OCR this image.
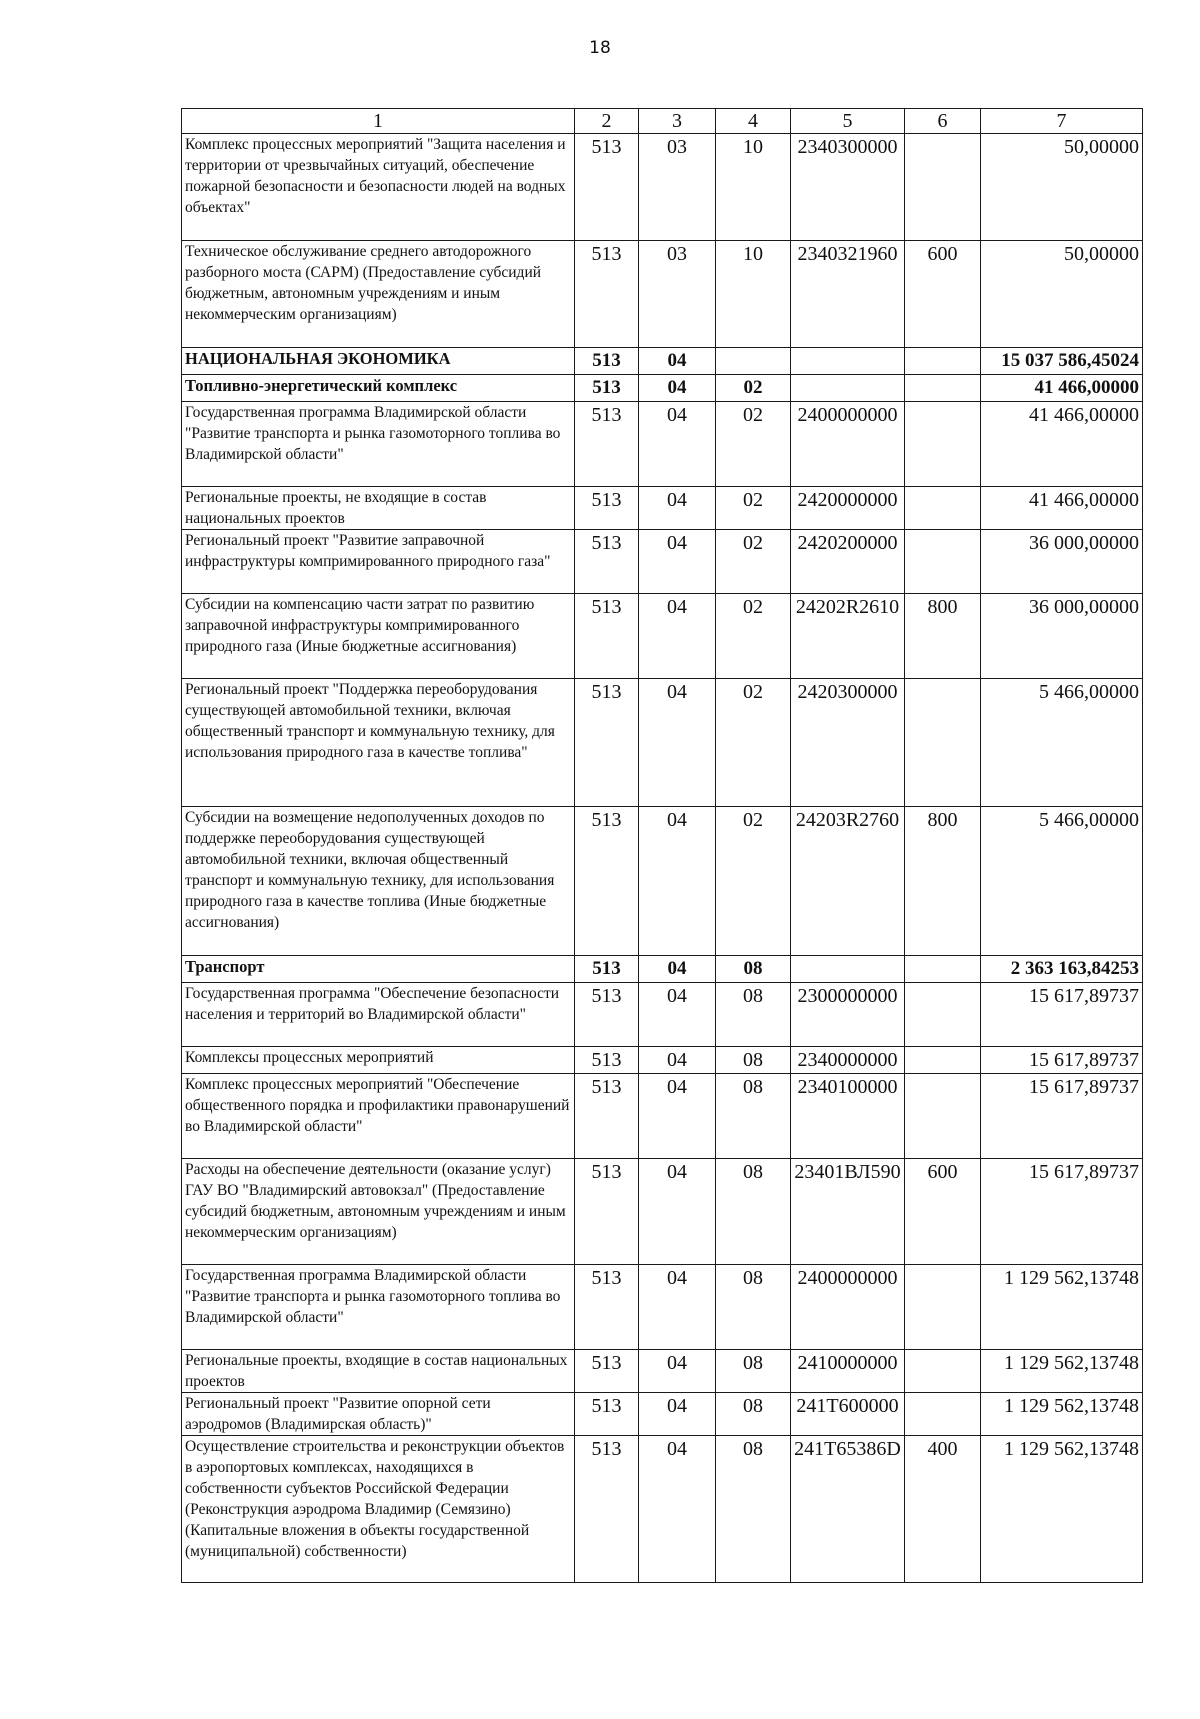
18
1	2	3	4	5	6	7
Комплекс процессных мероприятий "Защита населения и территории от чрезвычайных ситуаций, обеспечение пожарной безопасности и безопасности людей на водных объектах"	513	03	10	2340300000		50,00000
Техническое обслуживание среднего автодорожного разборного моста (САРМ) (Предоставление субсидий бюджетным, автономным учреждениям и иным некоммерческим организациям)	513	03	10	2340321960	600	50,00000
НАЦИОНАЛЬНАЯ ЭКОНОМИКА	513	04				15 037 586,45024
Топливно-энергетический комплекс	513	04	02			41 466,00000
Государственная программа Владимирской области "Развитие транспорта и рынка газомоторного топлива во Владимирской области"	513	04	02	2400000000		41 466,00000
Региональные проекты, не входящие в состав национальных проектов	513	04	02	2420000000		41 466,00000
Региональный проект "Развитие заправочной инфраструктуры компримированного природного газа"	513	04	02	2420200000		36 000,00000
Субсидии на компенсацию части затрат по развитию заправочной инфраструктуры компримированного природного газа (Иные бюджетные ассигнования)	513	04	02	24202R2610	800	36 000,00000
Региональный проект "Поддержка переоборудования существующей автомобильной техники, включая общественный транспорт и коммунальную технику, для использования природного газа в качестве топлива"	513	04	02	2420300000		5 466,00000
Субсидии на возмещение недополученных доходов по поддержке переоборудования существующей автомобильной техники, включая общественный транспорт и коммунальную технику, для использования природного газа в качестве топлива (Иные бюджетные ассигнования)	513	04	02	24203R2760	800	5 466,00000
Транспорт	513	04	08			2 363 163,84253
Государственная программа "Обеспечение безопасности населения и территорий во Владимирской области"	513	04	08	2300000000		15 617,89737
Комплексы процессных мероприятий	513	04	08	2340000000		15 617,89737
Комплекс процессных мероприятий "Обеспечение общественного порядка и профилактики правонарушений во Владимирской области"	513	04	08	2340100000		15 617,89737
Расходы на обеспечение деятельности (оказание услуг) ГАУ ВО "Владимирский автовокзал" (Предоставление субсидий бюджетным, автономным учреждениям и иным некоммерческим организациям)	513	04	08	23401ВЛ590	600	15 617,89737
Государственная программа Владимирской области "Развитие транспорта и рынка газомоторного топлива во Владимирской области"	513	04	08	2400000000		1 129 562,13748
Региональные проекты, входящие в состав национальных проектов	513	04	08	2410000000		1 129 562,13748
Региональный проект "Развитие опорной сети аэродромов (Владимирская область)"	513	04	08	241Т600000		1 129 562,13748
Осуществление строительства и реконструкции объектов в аэропортовых комплексах, находящихся в собственности субъектов Российской Федерации (Реконструкция аэродрома Владимир (Семязино) (Капитальные вложения в объекты государственной (муниципальной) собственности)	513	04	08	241Т65386D	400	1 129 562,13748
